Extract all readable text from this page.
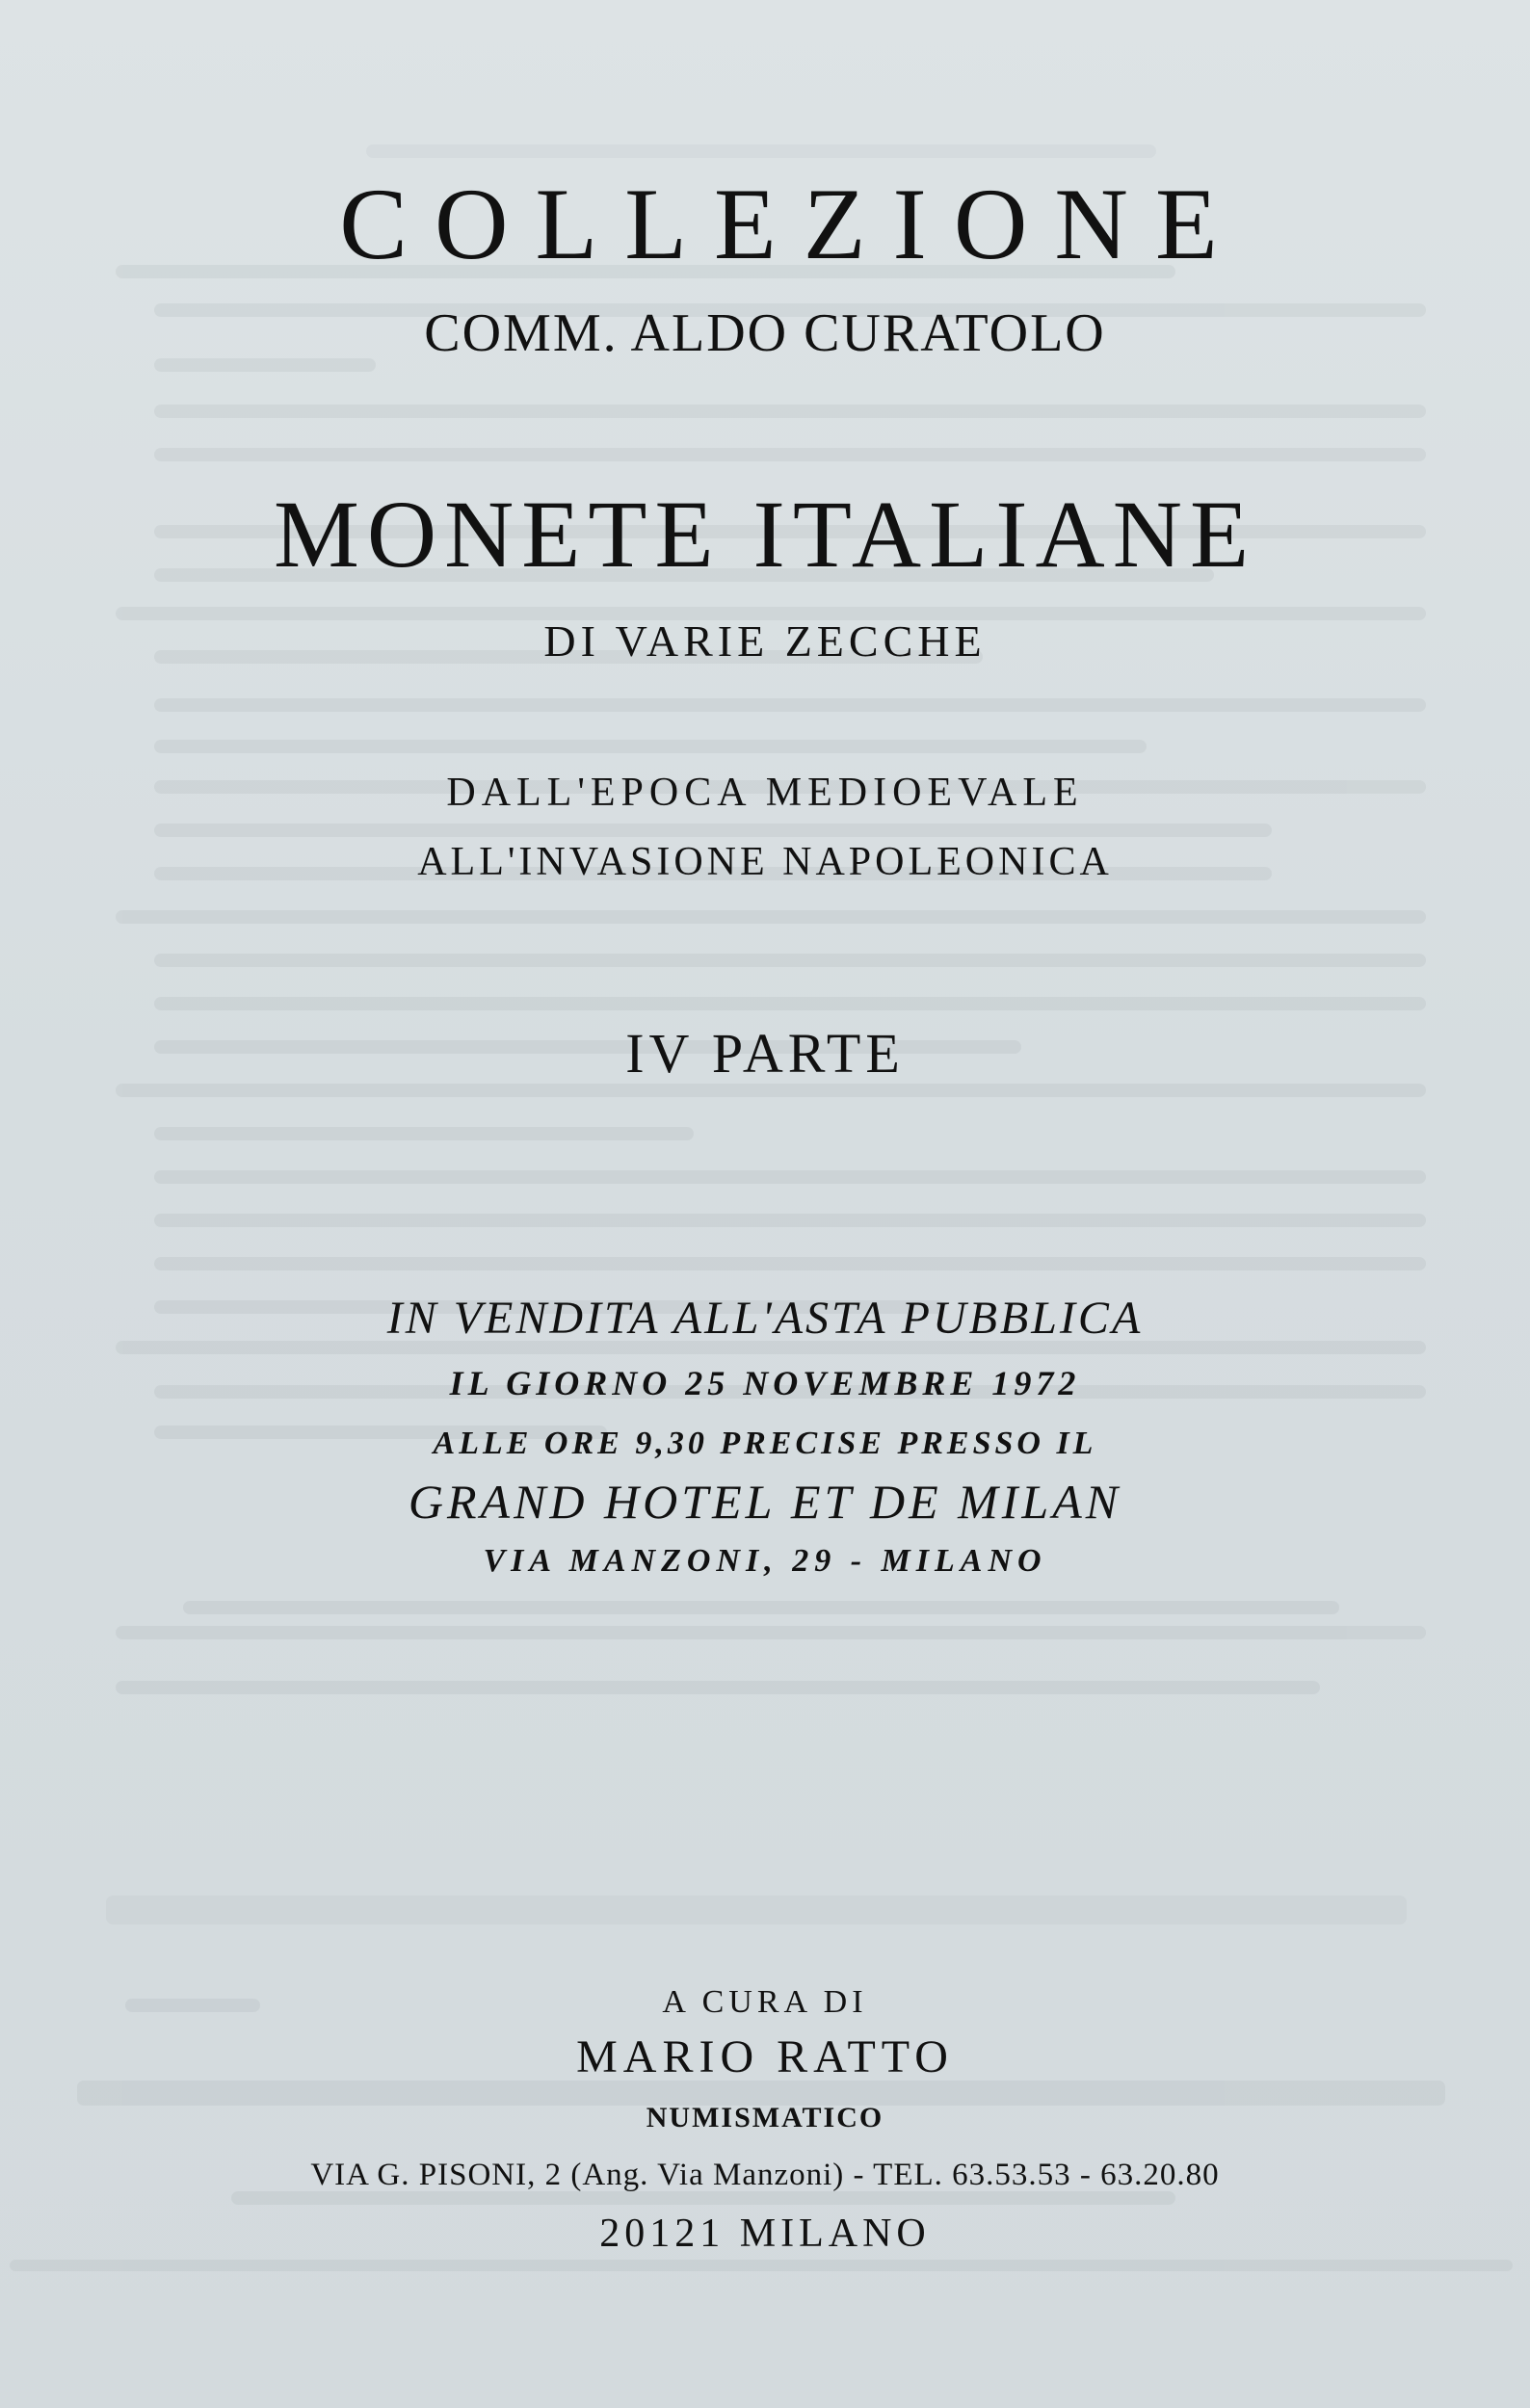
COLLEZIONE
COMM. ALDO CURATOLO
MONETE ITALIANE
DI VARIE ZECCHE
DALL'EPOCA MEDIOEVALE
ALL'INVASIONE NAPOLEONICA
IV PARTE
IN VENDITA ALL'ASTA PUBBLICA
IL GIORNO 25 NOVEMBRE 1972
ALLE ORE 9,30 PRECISE PRESSO IL
GRAND HOTEL ET DE MILAN
VIA MANZONI, 29 - MILANO
A CURA DI
MARIO RATTO
NUMISMATICO
VIA G. PISONI, 2 (Ang. Via Manzoni) - TEL. 63.53.53 - 63.20.80
20121 MILANO
